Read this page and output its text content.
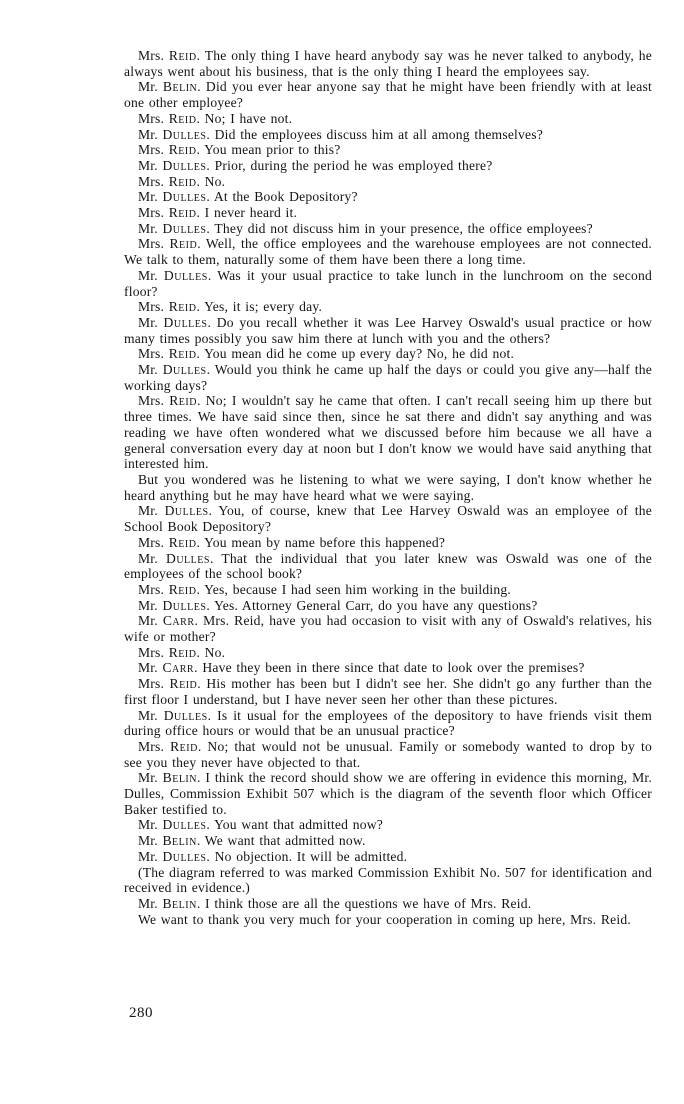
Mrs. Reid. The only thing I have heard anybody say was he never talked to anybody, he always went about his business, that is the only thing I heard the employees say.

Mr. Belin. Did you ever hear anyone say that he might have been friendly with at least one other employee?

Mrs. Reid. No; I have not.

Mr. Dulles. Did the employees discuss him at all among themselves?

Mrs. Reid. You mean prior to this?

Mr. Dulles. Prior, during the period he was employed there?

Mrs. Reid. No.

Mr. Dulles. At the Book Depository?

Mrs. Reid. I never heard it.

Mr. Dulles. They did not discuss him in your presence, the office employees?

Mrs. Reid. Well, the office employees and the warehouse employees are not connected. We talk to them, naturally some of them have been there a long time.

Mr. Dulles. Was it your usual practice to take lunch in the lunchroom on the second floor?

Mrs. Reid. Yes, it is; every day.

Mr. Dulles. Do you recall whether it was Lee Harvey Oswald's usual practice or how many times possibly you saw him there at lunch with you and the others?

Mrs. Reid. You mean did he come up every day? No, he did not.

Mr. Dulles. Would you think he came up half the days or could you give any—half the working days?

Mrs. Reid. No; I wouldn't say he came that often. I can't recall seeing him up there but three times. We have said since then, since he sat there and didn't say anything and was reading we have often wondered what we discussed before him because we all have a general conversation every day at noon but I don't know we would have said anything that interested him.

But you wondered was he listening to what we were saying, I don't know whether he heard anything but he may have heard what we were saying.

Mr. Dulles. You, of course, knew that Lee Harvey Oswald was an employee of the School Book Depository?

Mrs. Reid. You mean by name before this happened?

Mr. Dulles. That the individual that you later knew was Oswald was one of the employees of the school book?

Mrs. Reid. Yes, because I had seen him working in the building.

Mr. Dulles. Yes. Attorney General Carr, do you have any questions?

Mr. Carr. Mrs. Reid, have you had occasion to visit with any of Oswald's relatives, his wife or mother?

Mrs. Reid. No.

Mr. Carr. Have they been in there since that date to look over the premises?

Mrs. Reid. His mother has been but I didn't see her. She didn't go any further than the first floor I understand, but I have never seen her other than these pictures.

Mr. Dulles. Is it usual for the employees of the depository to have friends visit them during office hours or would that be an unusual practice?

Mrs. Reid. No; that would not be unusual. Family or somebody wanted to drop by to see you they never have objected to that.

Mr. Belin. I think the record should show we are offering in evidence this morning, Mr. Dulles, Commission Exhibit 507 which is the diagram of the seventh floor which Officer Baker testified to.

Mr. Dulles. You want that admitted now?

Mr. Belin. We want that admitted now.

Mr. Dulles. No objection. It will be admitted.

(The diagram referred to was marked Commission Exhibit No. 507 for identification and received in evidence.)

Mr. Belin. I think those are all the questions we have of Mrs. Reid.

We want to thank you very much for your cooperation in coming up here, Mrs. Reid.

280
